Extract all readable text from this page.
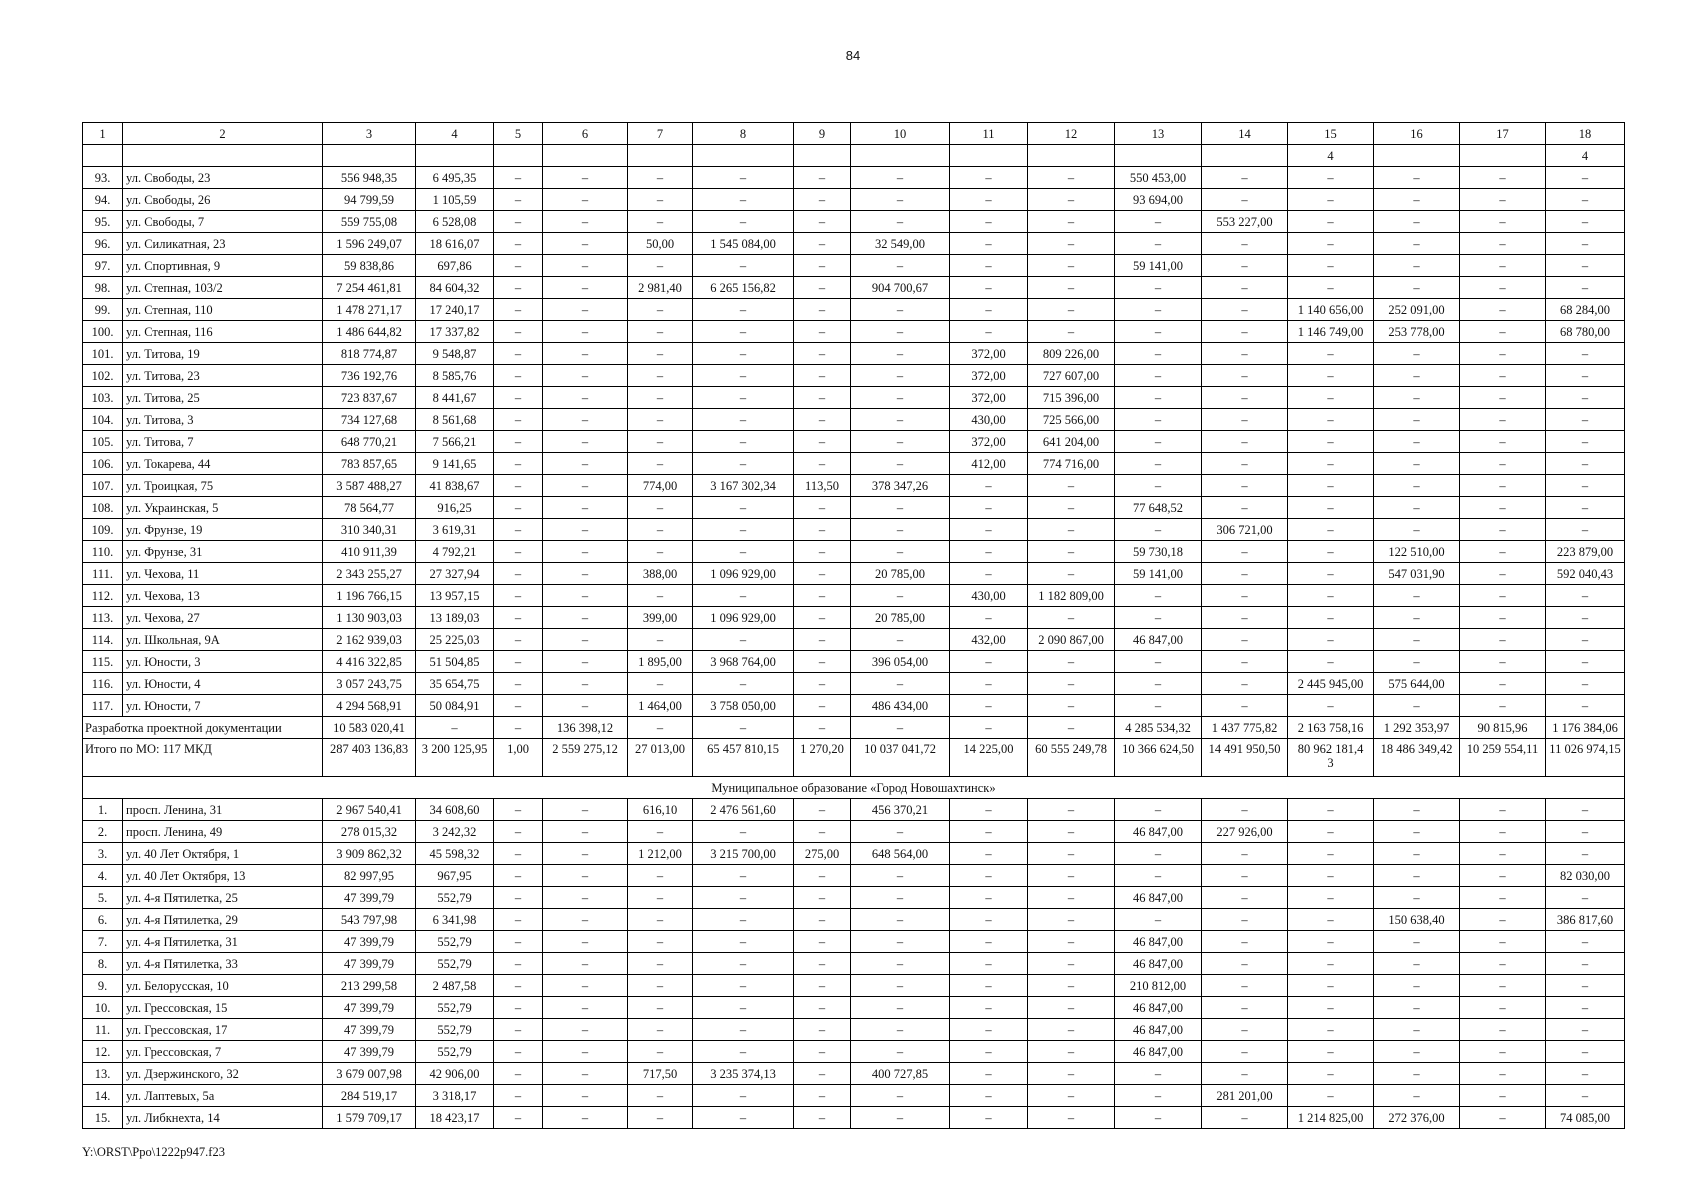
84
1	2	3	4	5	6	7	8	9	10	11	12	13	14	15	16	17	18
														4			4
93.	ул. Свободы, 23	556 948,35	6 495,35	–	–	–	–	–	–	–	–	550 453,00	–	–	–	–	–
94.	ул. Свободы, 26	94 799,59	1 105,59	–	–	–	–	–	–	–	–	93 694,00	–	–	–	–	–
95.	ул. Свободы, 7	559 755,08	6 528,08	–	–	–	–	–	–	–	–	–	553 227,00	–	–	–	–
96.	ул. Силикатная, 23	1 596 249,07	18 616,07	–	–	50,00	1 545 084,00	–	32 549,00	–	–	–	–	–	–	–	–
97.	ул. Спортивная, 9	59 838,86	697,86	–	–	–	–	–	–	–	–	59 141,00	–	–	–	–	–
98.	ул. Степная, 103/2	7 254 461,81	84 604,32	–	–	2 981,40	6 265 156,82	–	904 700,67	–	–	–	–	–	–	–	–
99.	ул. Степная, 110	1 478 271,17	17 240,17	–	–	–	–	–	–	–	–	–	–	1 140 656,00	252 091,00	–	68 284,00
100.	ул. Степная, 116	1 486 644,82	17 337,82	–	–	–	–	–	–	–	–	–	–	1 146 749,00	253 778,00	–	68 780,00
101.	ул. Титова, 19	818 774,87	9 548,87	–	–	–	–	–	–	372,00	809 226,00	–	–	–	–	–	–
102.	ул. Титова, 23	736 192,76	8 585,76	–	–	–	–	–	–	372,00	727 607,00	–	–	–	–	–	–
103.	ул. Титова, 25	723 837,67	8 441,67	–	–	–	–	–	–	372,00	715 396,00	–	–	–	–	–	–
104.	ул. Титова, 3	734 127,68	8 561,68	–	–	–	–	–	–	430,00	725 566,00	–	–	–	–	–	–
105.	ул. Титова, 7	648 770,21	7 566,21	–	–	–	–	–	–	372,00	641 204,00	–	–	–	–	–	–
106.	ул. Токарева, 44	783 857,65	9 141,65	–	–	–	–	–	–	412,00	774 716,00	–	–	–	–	–	–
107.	ул. Троицкая, 75	3 587 488,27	41 838,67	–	–	774,00	3 167 302,34	113,50	378 347,26	–	–	–	–	–	–	–	–
108.	ул. Украинская, 5	78 564,77	916,25	–	–	–	–	–	–	–	–	77 648,52	–	–	–	–	–
109.	ул. Фрунзе, 19	310 340,31	3 619,31	–	–	–	–	–	–	–	–	–	306 721,00	–	–	–	–
110.	ул. Фрунзе, 31	410 911,39	4 792,21	–	–	–	–	–	–	–	–	59 730,18	–	–	122 510,00	–	223 879,00
111.	ул. Чехова, 11	2 343 255,27	27 327,94	–	–	388,00	1 096 929,00	–	20 785,00	–	–	59 141,00	–	–	547 031,90	–	592 040,43
112.	ул. Чехова, 13	1 196 766,15	13 957,15	–	–	–	–	–	–	430,00	1 182 809,00	–	–	–	–	–	–
113.	ул. Чехова, 27	1 130 903,03	13 189,03	–	–	399,00	1 096 929,00	–	20 785,00	–	–	–	–	–	–	–	–
114.	ул. Школьная, 9А	2 162 939,03	25 225,03	–	–	–	–	–	–	432,00	2 090 867,00	46 847,00	–	–	–	–	–
115.	ул. Юности, 3	4 416 322,85	51 504,85	–	–	1 895,00	3 968 764,00	–	396 054,00	–	–	–	–	–	–	–	–
116.	ул. Юности, 4	3 057 243,75	35 654,75	–	–	–	–	–	–	–	–	–	–	2 445 945,00	575 644,00	–	–
117.	ул. Юности, 7	4 294 568,91	50 084,91	–	–	1 464,00	3 758 050,00	–	486 434,00	–	–	–	–	–	–	–	–
Разработка проектной документации		10 583 020,41	–	–	136 398,12	–	–	–	–	–	–	4 285 534,32	1 437 775,82	2 163 758,16	1 292 353,97	90 815,96	1 176 384,06
Итого по МО: 117 МКД		287 403 136,83	3 200 125,95	1,00	2 559 275,12	27 013,00	65 457 810,15	1 270,20	10 037 041,72	14 225,00	60 555 249,78	10 366 624,50	14 491 950,50	80 962 181,43	18 486 349,42	10 259 554,11	11 026 974,15
Муниципальное образование «Город Новошахтинск»																	
1.	просп. Ленина, 31	2 967 540,41	34 608,60	–	–	616,10	2 476 561,60	–	456 370,21	–	–	–	–	–	–	–	–
2.	просп. Ленина, 49	278 015,32	3 242,32	–	–	–	–	–	–	–	–	46 847,00	227 926,00	–	–	–	–
3.	ул. 40 Лет Октября, 1	3 909 862,32	45 598,32	–	–	1 212,00	3 215 700,00	275,00	648 564,00	–	–	–	–	–	–	–	–
4.	ул. 40 Лет Октября, 13	82 997,95	967,95	–	–	–	–	–	–	–	–	–	–	–	–	–	82 030,00
5.	ул. 4-я Пятилетка, 25	47 399,79	552,79	–	–	–	–	–	–	–	–	46 847,00	–	–	–	–	–
6.	ул. 4-я Пятилетка, 29	543 797,98	6 341,98	–	–	–	–	–	–	–	–	–	–	–	150 638,40	–	386 817,60
7.	ул. 4-я Пятилетка, 31	47 399,79	552,79	–	–	–	–	–	–	–	–	46 847,00	–	–	–	–	–
8.	ул. 4-я Пятилетка, 33	47 399,79	552,79	–	–	–	–	–	–	–	–	46 847,00	–	–	–	–	–
9.	ул. Белорусская, 10	213 299,58	2 487,58	–	–	–	–	–	–	–	–	210 812,00	–	–	–	–	–
10.	ул. Грессовская, 15	47 399,79	552,79	–	–	–	–	–	–	–	–	46 847,00	–	–	–	–	–
11.	ул. Грессовская, 17	47 399,79	552,79	–	–	–	–	–	–	–	–	46 847,00	–	–	–	–	–
12.	ул. Грессовская, 7	47 399,79	552,79	–	–	–	–	–	–	–	–	46 847,00	–	–	–	–	–
13.	ул. Дзержинского, 32	3 679 007,98	42 906,00	–	–	717,50	3 235 374,13	–	400 727,85	–	–	–	–	–	–	–	–
14.	ул. Лаптевых, 5а	284 519,17	3 318,17	–	–	–	–	–	–	–	–	–	281 201,00	–	–	–	–
15.	ул. Либкнехта, 14	1 579 709,17	18 423,17	–	–	–	–	–	–	–	–	–	–	1 214 825,00	272 376,00	–	74 085,00
Y:\ORST\Ppo\1222p947.f23
